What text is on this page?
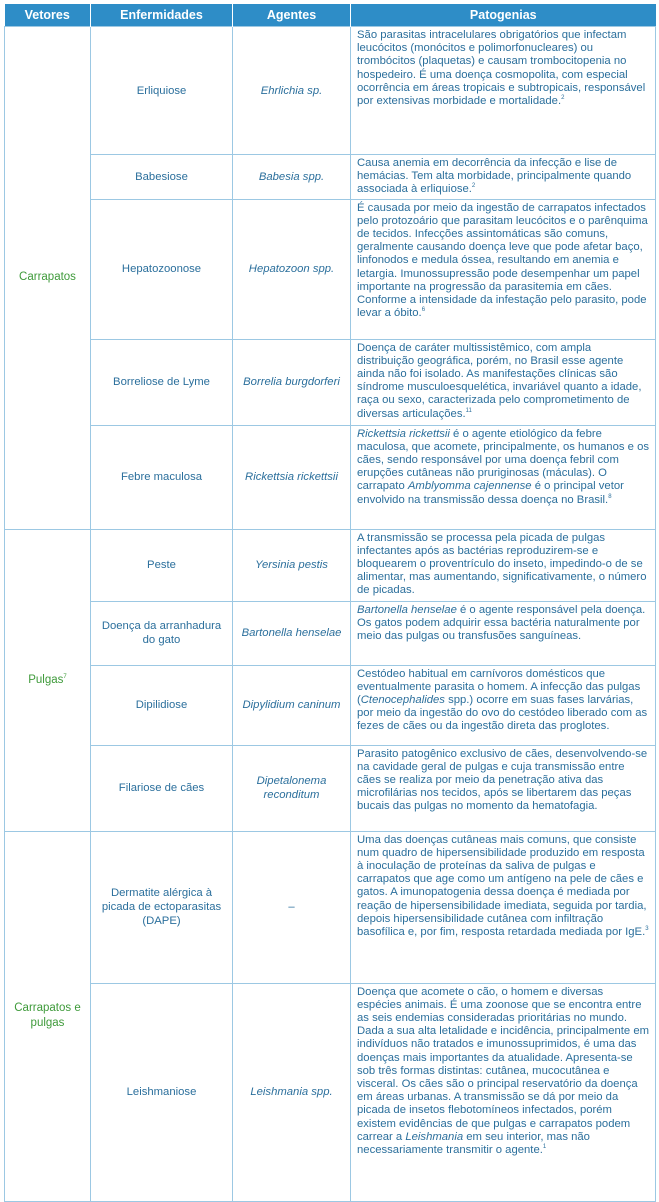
Vetores	Enfermidades	Agentes	Patogenias
Carrapatos	Erliquiose	Ehrlichia sp.	São parasitas intracelulares obrigatórios que infectam leucócitos (monócitos e polimorfonucleares) ou trombócitos (plaquetas) e causam trombocitopenia no hospedeiro. É uma doença cosmopolita, com especial ocorrência em áreas tropicais e subtropicais, responsável por extensivas morbidade e mortalidade.$^2$
	Babesiose	Babesia spp.	Causa anemia em decorrência da infecção e lise de hemácias. Tem alta morbidade, principalmente quando associada à erliquiose.$^2$
	Hepatozoonose	Hepatozoon spp.	É causada por meio da ingestão de carrapatos infectados pelo protozoário que parasitam leucócitos e o parênquima de tecidos. Infecções assintomáticas são comuns, geralmente causando doença leve que pode afetar baço, linfonodos e medula óssea, resultando em anemia e letargia. Imunossupressão pode desempenhar um papel importante na progressão da parasitemia em cães. Conforme a intensidade da infestação pelo parasito, pode levar a óbito.$^6$
	Borreliose de Lyme	Borrelia burgdorferi	Doença de caráter multissistêmico, com ampla distribuição geográfica, porém, no Brasil esse agente ainda não foi isolado. As manifestações clínicas são síndrome musculoesquelética, invariável quanto a idade, raça ou sexo, caracterizada pelo comprometimento de diversas articulações.$^{11}$
	Febre maculosa	Rickettsia rickettsii	Rickettsia rickettsii é o agente etiológico da febre maculosa, que acomete, principalmente, os humanos e os cães, sendo responsável por uma doença febril com erupções cutâneas não pruriginosas (máculas). O carrapato Amblyomma cajennense é o principal vetor envolvido na transmissão dessa doença no Brasil.$^8$
Pulgas$^7$	Peste	Yersinia pestis	A transmissão se processa pela picada de pulgas infectantes após as bactérias reproduzirem-se e bloquearem o proventrículo do inseto, impedindo-o de se alimentar, mas aumentando, significativamente, o número de picadas.
	Doença da arranhadura do gato	Bartonella henselae	Bartonella henselae é o agente responsável pela doença. Os gatos podem adquirir essa bactéria naturalmente por meio das pulgas ou transfusões sanguíneas.
	Dipilidiose	Dipylidium caninum	Cestódeo habitual em carnívoros domésticos que eventualmente parasita o homem. A infecção das pulgas (Ctenocephalides spp.) ocorre em suas fases larvárias, por meio da ingestão do ovo do cestódeo liberado com as fezes de cães ou da ingestão direta das proglotes.
	Filariose de cães	Dipetalonema reconditum	Parasito patogênico exclusivo de cães, desenvolvendo-se na cavidade geral de pulgas e cuja transmissão entre cães se realiza por meio da penetração ativa das microfilárias nos tecidos, após se libertarem das peças bucais das pulgas no momento da hematofagia.
Carrapatos e pulgas	Dermatite alérgica à picada de ectoparasitas (DAPE)	–	Uma das doenças cutâneas mais comuns, que consiste num quadro de hipersensibilidade produzido em resposta à inoculação de proteínas da saliva de pulgas e carrapatos que age como um antígeno na pele de cães e gatos. A imunopatogenia dessa doença é mediada por reação de hipersensibilidade imediata, seguida por tardia, depois hipersensibilidade cutânea com infiltração basofílica e, por fim, resposta retardada mediada por IgE.$^3$
	Leishmaniose	Leishmania spp.	Doença que acomete o cão, o homem e diversas espécies animais. É uma zoonose que se encontra entre as seis endemias consideradas prioritárias no mundo. Dada a sua alta letalidade e incidência, principalmente em indivíduos não tratados e imunossuprimidos, é uma das doenças mais importantes da atualidade. Apresenta-se sob três formas distintas: cutânea, mucocutânea e visceral. Os cães são o principal reservatório da doença em áreas urbanas. A transmissão se dá por meio da picada de insetos flebotomíneos infectados, porém existem evidências de que pulgas e carrapatos podem carrear a Leishmania em seu interior, mas não necessariamente transmitir o agente.$^1$
